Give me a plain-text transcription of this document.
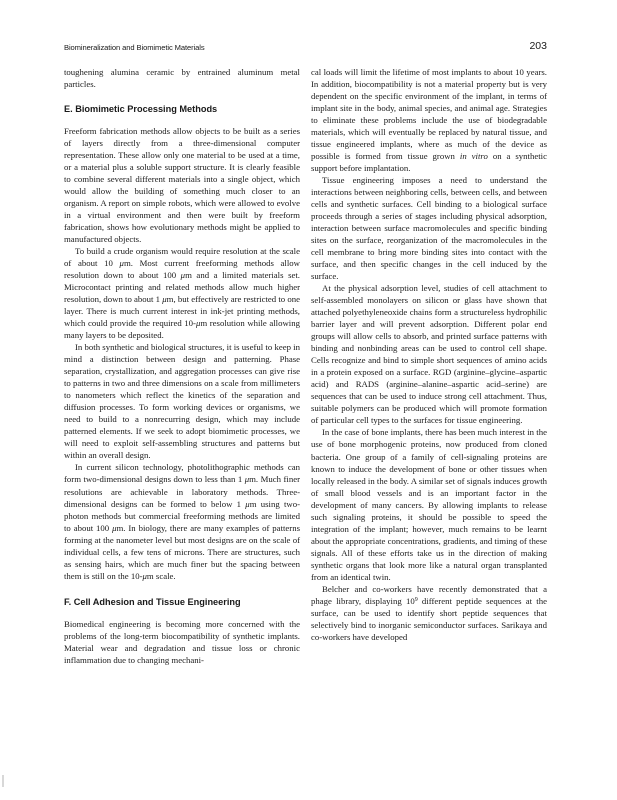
Biomineralization and Biomimetic Materials	203

toughening alumina ceramic by entrained aluminum metal particles.

E. Biomimetic Processing Methods

Freeform fabrication methods allow objects to be built as a series of layers directly from a three-dimensional computer representation. These allow only one material to be used at a time, or a material plus a soluble support structure. It is clearly feasible to combine several different materials into a single object, which would allow the building of something much closer to an organism. A report on simple robots, which were allowed to evolve in a virtual environment and then were built by freeform fabrication, shows how evolutionary methods might be applied to manufactured objects.

To build a crude organism would require resolution at the scale of about 10 μm. Most current freeforming methods allow resolution down to about 100 μm and a limited materials set. Microcontact printing and related methods allow much higher resolution, down to about 1 μm, but effectively are restricted to one layer. There is much current interest in ink-jet printing methods, which could provide the required 10-μm resolution while allowing many layers to be deposited.

In both synthetic and biological structures, it is useful to keep in mind a distinction between design and patterning. Phase separation, crystallization, and aggregation processes can give rise to patterns in two and three dimensions on a scale from millimeters to nanometers which reflect the kinetics of the separation and diffusion processes. To form working devices or organisms, we need to build to a nonrecurring design, which may include patterned elements. If we seek to adopt biomimetic processes, we will need to exploit self-assembling structures and patterns but within an overall design.

In current silicon technology, photolithographic methods can form two-dimensional designs down to less than 1 μm. Much finer resolutions are achievable in laboratory methods. Three-dimensional designs can be formed to below 1 μm using two-photon methods but commercial freeforming methods are limited to about 100 μm. In biology, there are many examples of patterns forming at the nanometer level but most designs are on the scale of individual cells, a few tens of microns. There are structures, such as sensing hairs, which are much finer but the spacing between them is still on the 10-μm scale.

F. Cell Adhesion and Tissue Engineering

Biomedical engineering is becoming more concerned with the problems of the long-term biocompatibility of synthetic implants. Material wear and degradation and tissue loss or chronic inflammation due to changing mechani-

cal loads will limit the lifetime of most implants to about 10 years. In addition, biocompatibility is not a material property but is very dependent on the specific environment of the implant, in terms of implant site in the body, animal species, and animal age. Strategies to eliminate these problems include the use of biodegradable materials, which will eventually be replaced by natural tissue, and tissue engineered implants, where as much of the device as possible is formed from tissue grown in vitro on a synthetic support before implantation.

Tissue engineering imposes a need to understand the interactions between neighboring cells, between cells, and between cells and synthetic surfaces. Cell binding to a biological surface proceeds through a series of stages including physical adsorption, interaction between surface macromolecules and specific binding sites on the surface, reorganization of the macromolecules in the cell membrane to bring more binding sites into contact with the surface, and then specific changes in the cell induced by the surface.

At the physical adsorption level, studies of cell attachment to self-assembled monolayers on silicon or glass have shown that attached polyethyleneoxide chains form a structureless hydrophilic barrier layer and will prevent adsorption. Different polar end groups will allow cells to absorb, and printed surface patterns with binding and nonbinding areas can be used to control cell shape. Cells recognize and bind to simple short sequences of amino acids in a protein exposed on a surface. RGD (arginine–glycine–aspartic acid) and RADS (arginine–alanine–aspartic acid–serine) are sequences that can be used to induce strong cell attachment. Thus, suitable polymers can be produced which will promote formation of particular cell types to the surfaces for tissue engineering.

In the case of bone implants, there has been much interest in the use of bone morphogenic proteins, now produced from cloned bacteria. One group of a family of cell-signaling proteins are known to induce the development of bone or other tissues when locally released in the body. A similar set of signals induces growth of small blood vessels and is an important factor in the development of many cancers. By allowing implants to release such signaling proteins, it should be possible to speed the integration of the implant; however, much remains to be learnt about the appropriate concentrations, gradients, and timing of these signals. All of these efforts take us in the direction of making synthetic organs that look more like a natural organ transplanted from an identical twin.

Belcher and co-workers have recently demonstrated that a phage library, displaying $10^9$ different peptide sequences at the surface, can be used to identify short peptide sequences that selectively bind to inorganic semiconductor surfaces. Sarikaya and co-workers have developed
